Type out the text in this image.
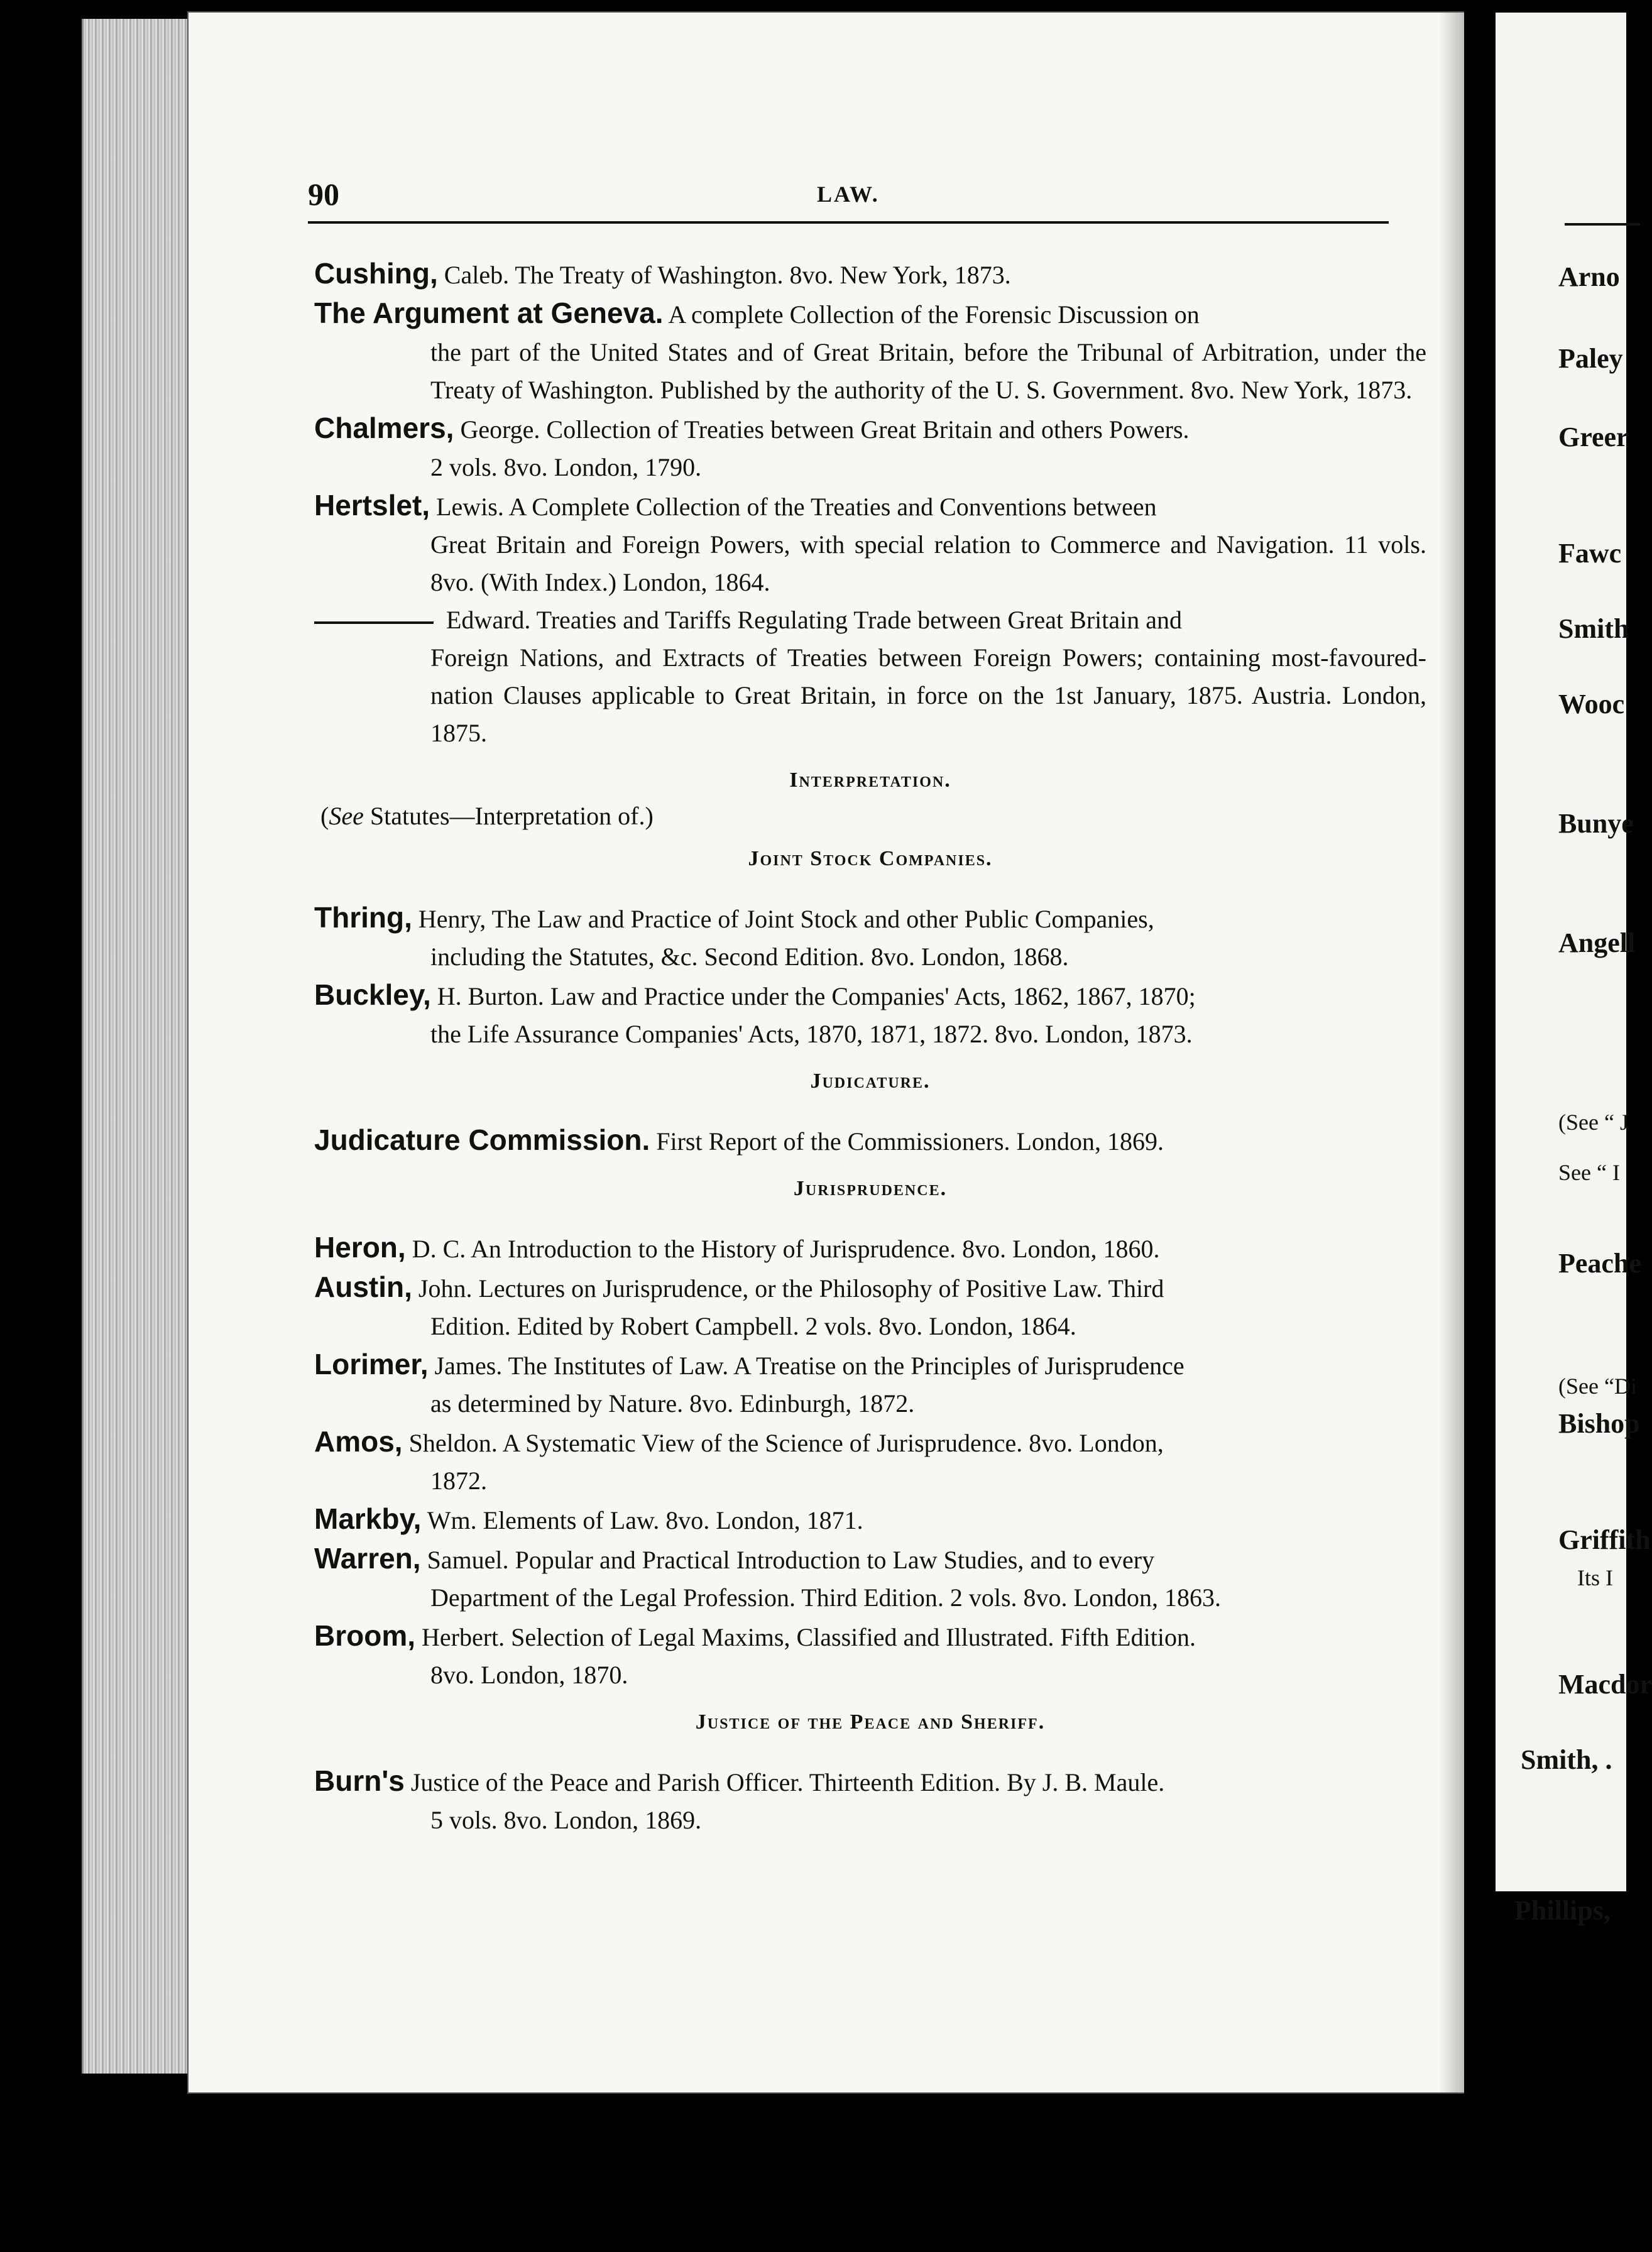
Arno
Paley
Greer
Fawc
Smith
Wooc
Bunye
Angell
(See “ J
See “ I
Peache
(See “Di
Bishop
Griffith
Its I
Macdor
Smith, .
Phillips,
90	LAW.

Cushing, Caleb. The Treaty of Washington. 8vo. New York, 1873.

The Argument at Geneva. A complete Collection of the Forensic Discussion on
the part of the United States and of Great Britain, before the Tribunal of Arbitration, under the Treaty of Washington. Published by the authority of the U. S. Government. 8vo. New York, 1873.

Chalmers, George. Collection of Treaties between Great Britain and others Powers.
2 vols. 8vo. London, 1790.

Hertslet, Lewis. A Complete Collection of the Treaties and Conventions between
Great Britain and Foreign Powers, with special relation to Commerce and Navigation. 11 vols. 8vo. (With Index.) London, 1864.

Edward. Treaties and Tariffs Regulating Trade between Great Britain and
Foreign Nations, and Extracts of Treaties between Foreign Powers; containing most-favoured-nation Clauses applicable to Great Britain, in force on the 1st January, 1875. Austria. London, 1875.

Interpretation.

(See Statutes—Interpretation of.)

Joint Stock Companies.

Thring, Henry, The Law and Practice of Joint Stock and other Public Companies,
including the Statutes, &c. Second Edition. 8vo. London, 1868.

Buckley, H. Burton. Law and Practice under the Companies' Acts, 1862, 1867, 1870;
the Life Assurance Companies' Acts, 1870, 1871, 1872. 8vo. London, 1873.

Judicature.

Judicature Commission. First Report of the Commissioners. London, 1869.

Jurisprudence.

Heron, D. C. An Introduction to the History of Jurisprudence. 8vo. London, 1860.

Austin, John. Lectures on Jurisprudence, or the Philosophy of Positive Law. Third
Edition. Edited by Robert Campbell. 2 vols. 8vo. London, 1864.

Lorimer, James. The Institutes of Law. A Treatise on the Principles of Jurisprudence
as determined by Nature. 8vo. Edinburgh, 1872.

Amos, Sheldon. A Systematic View of the Science of Jurisprudence. 8vo. London,
1872.

Markby, Wm. Elements of Law. 8vo. London, 1871.

Warren, Samuel. Popular and Practical Introduction to Law Studies, and to every
Department of the Legal Profession. Third Edition. 2 vols. 8vo. London, 1863.

Broom, Herbert. Selection of Legal Maxims, Classified and Illustrated. Fifth Edition.
8vo. London, 1870.

Justice of the Peace and Sheriff.

Burn's Justice of the Peace and Parish Officer. Thirteenth Edition. By J. B. Maule.
5 vols. 8vo. London, 1869.
